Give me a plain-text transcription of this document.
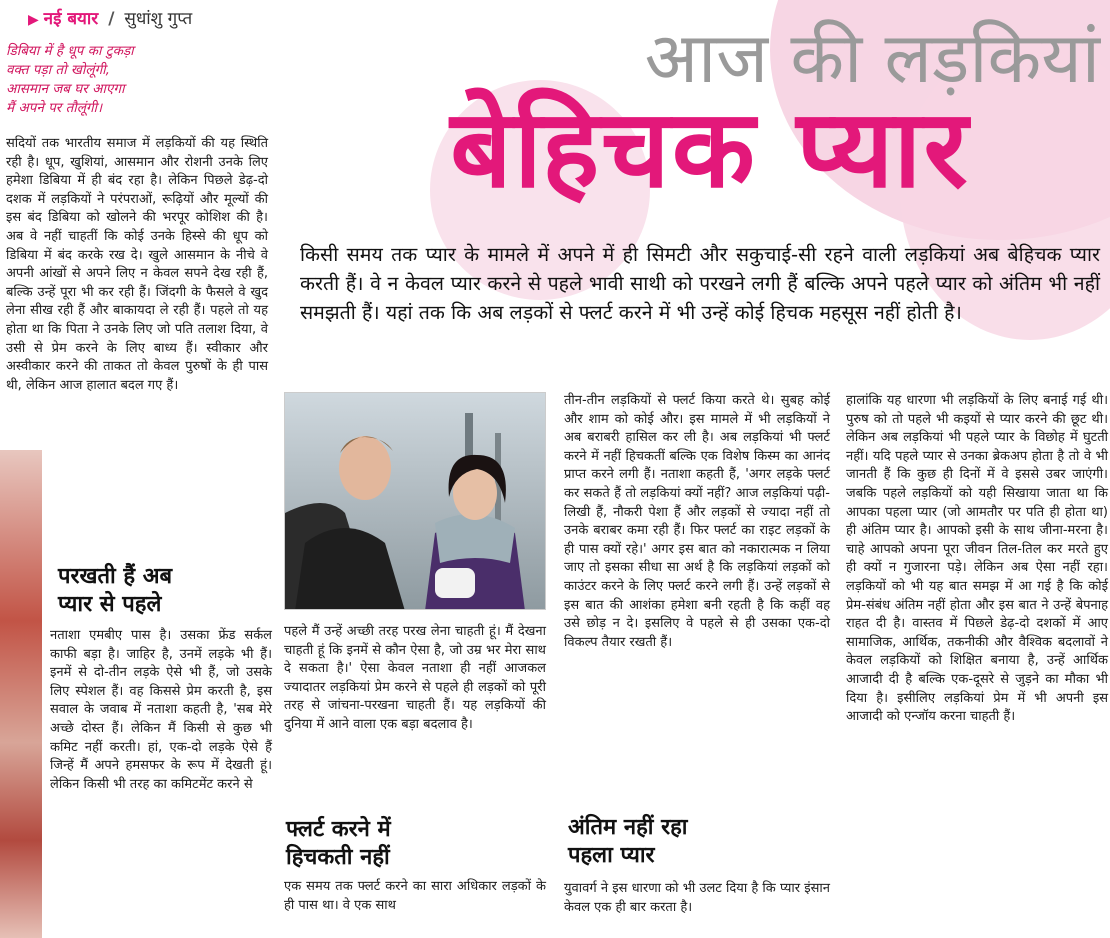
▶ नई बयार / सुधांशु गुप्त
डिबिया में है धूप का टुकड़ा
वक्त पड़ा तो खोलूंगी,
आसमान जब घर आएगा
मैं अपने पर तौलूंगी।
आज की लड़कियां
बेहिचक प्यार
किसी समय तक प्यार के मामले में अपने में ही सिमटी और सकुचाई-सी रहने वाली लड़कियां अब बेहिचक प्यार करती हैं। वे न केवल प्यार करने से पहले भावी साथी को परखने लगी हैं बल्कि अपने पहले प्यार को अंतिम भी नहीं समझती हैं। यहां तक कि अब लड़कों से फ्लर्ट करने में भी उन्हें कोई हिचक महसूस नहीं होती है।
सदियों तक भारतीय समाज में लड़कियों की यह स्थिति रही है। धूप, खुशियां, आसमान और रोशनी उनके लिए हमेशा डिबिया में ही बंद रहा है। लेकिन पिछले डेढ़-दो दशक में लड़कियों ने परंपराओं, रूढ़ियों और मूल्यों की इस बंद डिबिया को खोलने की भरपूर कोशिश की है। अब वे नहीं चाहतीं कि कोई उनके हिस्से की धूप को डिबिया में बंद करके रख दे। खुले आसमान के नीचे वे अपनी आंखों से अपने लिए न केवल सपने देख रही हैं, बल्कि उन्हें पूरा भी कर रही हैं। जिंदगी के फैसले वे खुद लेना सीख रही हैं और बाकायदा ले रही हैं। पहले तो यह होता था कि पिता ने उनके लिए जो पति तलाश दिया, वे उसी से प्रेम करने के लिए बाध्य हैं। स्वीकार और अस्वीकार करने की ताकत तो केवल पुरुषों के ही पास थी, लेकिन आज हालात बदल गए हैं।
परखती हैं अब
प्यार से पहले
नताशा एमबीए पास है। उसका फ्रेंड सर्कल काफी बड़ा है। जाहिर है, उनमें लड़के भी हैं। इनमें से दो-तीन लड़के ऐसे भी हैं, जो उसके लिए स्पेशल हैं। वह किससे प्रेम करती है, इस सवाल के जवाब में नताशा कहती है, 'सब मेरे अच्छे दोस्त हैं। लेकिन मैं किसी से कुछ भी कमिट नहीं करती। हां, एक-दो लड़के ऐसे हैं जिन्हें मैं अपने हमसफर के रूप में देखती हूं। लेकिन किसी भी तरह का कमिटमेंट करने से
पहले मैं उन्हें अच्छी तरह परख लेना चाहती हूं। मैं देखना चाहती हूं कि इनमें से कौन ऐसा है, जो उम्र भर मेरा साथ दे सकता है।' ऐसा केवल नताशा ही नहीं आजकल ज्यादातर लड़कियां प्रेम करने से पहले ही लड़कों को पूरी तरह से जांचना-परखना चाहती हैं। यह लड़कियों की दुनिया में आने वाला एक बड़ा बदलाव है।
फ्लर्ट करने में
हिचकती नहीं
एक समय तक फ्लर्ट करने का सारा अधिकार लड़कों के ही पास था। वे एक साथ
तीन-तीन लड़कियों से फ्लर्ट किया करते थे। सुबह कोई और शाम को कोई और। इस मामले में भी लड़कियों ने अब बराबरी हासिल कर ली है। अब लड़कियां भी फ्लर्ट करने में नहीं हिचकतीं बल्कि एक विशेष किस्म का आनंद प्राप्त करने लगी हैं। नताशा कहती हैं, 'अगर लड़के फ्लर्ट कर सकते हैं तो लड़कियां क्यों नहीं? आज लड़कियां पढ़ी-लिखी हैं, नौकरी पेशा हैं और लड़कों से ज्यादा नहीं तो उनके बराबर कमा रही हैं। फिर फ्लर्ट का राइट लड़कों के ही पास क्यों रहे।' अगर इस बात को नकारात्मक न लिया जाए तो इसका सीधा सा अर्थ है कि लड़कियां लड़कों को काउंटर करने के लिए फ्लर्ट करने लगी हैं। उन्हें लड़कों से इस बात की आशंका हमेशा बनी रहती है कि कहीं वह उसे छोड़ न दे। इसलिए वे पहले से ही उसका एक-दो विकल्प तैयार रखती हैं।
अंतिम नहीं रहा
पहला प्यार
युवावर्ग ने इस धारणा को भी उलट दिया है कि प्यार इंसान केवल एक ही बार करता है।
हालांकि यह धारणा भी लड़कियों के लिए बनाई गई थी। पुरुष को तो पहले भी कइयों से प्यार करने की छूट थी। लेकिन अब लड़कियां भी पहले प्यार के विछोह में घुटती नहीं। यदि पहले प्यार से उनका ब्रेकअप होता है तो वे भी जानती हैं कि कुछ ही दिनों में वे इससे उबर जाएंगी। जबकि पहले लड़कियों को यही सिखाया जाता था कि आपका पहला प्यार (जो आमतौर पर पति ही होता था) ही अंतिम प्यार है। आपको इसी के साथ जीना-मरना है। चाहे आपको अपना पूरा जीवन तिल-तिल कर मरते हुए ही क्यों न गुजारना पड़े। लेकिन अब ऐसा नहीं रहा। लड़कियों को भी यह बात समझ में आ गई है कि कोई प्रेम-संबंध अंतिम नहीं होता और इस बात ने उन्हें बेपनाह राहत दी है। वास्तव में पिछले डेढ़-दो दशकों में आए सामाजिक, आर्थिक, तकनीकी और वैश्विक बदलावों ने केवल लड़कियों को शिक्षित बनाया है, उन्हें आर्थिक आजादी दी है बल्कि एक-दूसरे से जुड़ने का मौका भी दिया है। इसीलिए लड़कियां प्रेम में भी अपनी इस आजादी को एन्जॉय करना चाहती हैं।
